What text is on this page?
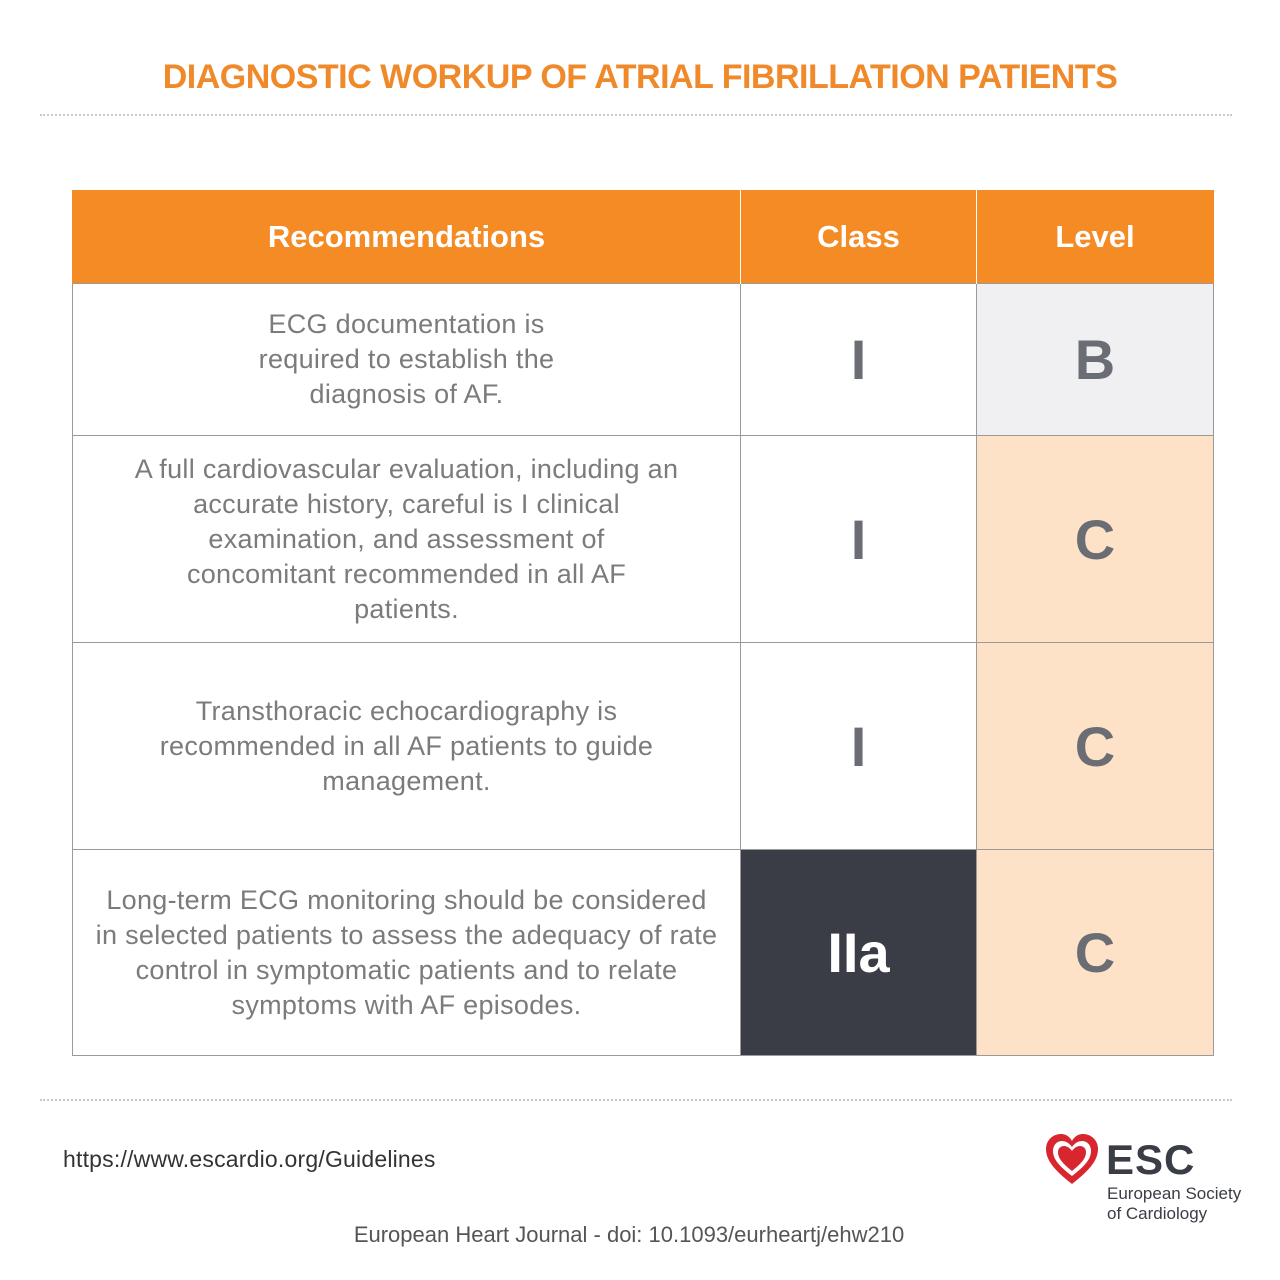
DIAGNOSTIC WORKUP OF ATRIAL FIBRILLATION PATIENTS
Recommendations	Class	Level

ECG documentation is required to establish the diagnosis of AF.	I	B

A full cardiovascular evaluation, including an accurate history, careful is I clinical examination, and assessment of concomitant recommended in all AF patients.	I	C

Transthoracic echocardiography is recommended in all AF patients to guide management.	I	C

Long-term ECG monitoring should be considered in selected patients to assess the adequacy of rate control in symptomatic patients and to relate symptoms with AF episodes.	IIa	C
https://www.escardio.org/Guidelines	ESC
European Society
of Cardiology
European Heart Journal - doi: 10.1093/eurheartj/ehw210
